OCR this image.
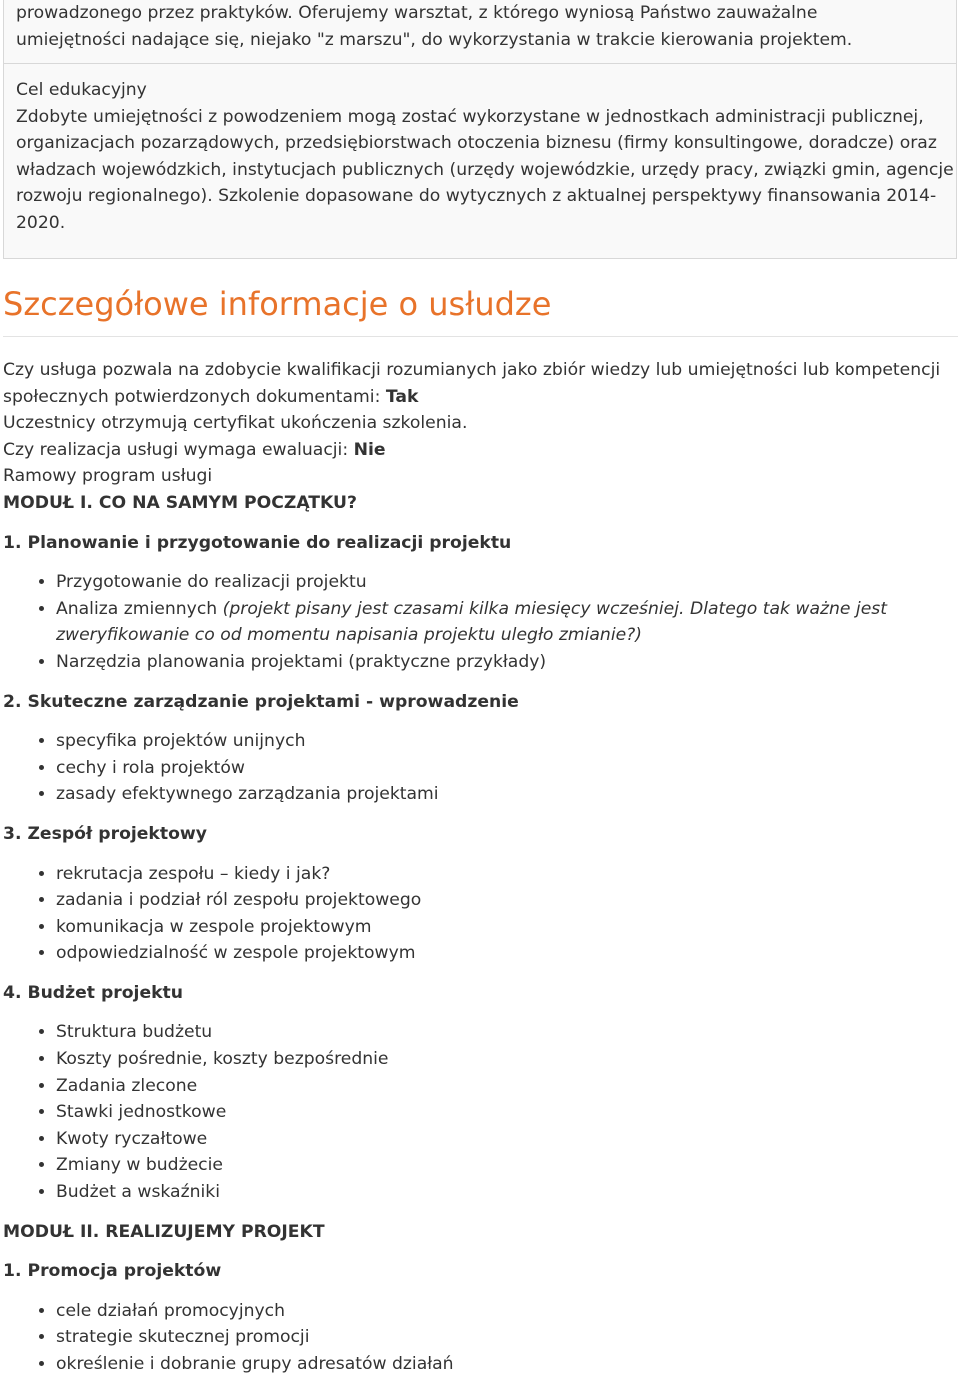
prowadzonego przez praktyków. Oferujemy warsztat, z którego wyniosą Państwo zauważalne
umiejętności nadające się, niejako "z marszu", do wykorzystania w trakcie kierowania projektem.

Cel edukacyjny

Zdobyte umiejętności z powodzeniem mogą zostać wykorzystane w jednostkach administracji publicznej, organizacjach pozarządowych, przedsiębiorstwach otoczenia biznesu (firmy konsultingowe, doradcze) oraz władzach wojewódzkich, instytucjach publicznych (urzędy wojewódzkie, urzędy pracy, związki gmin, agencje rozwoju regionalnego). Szkolenie dopasowane do wytycznych z aktualnej perspektywy finansowania 2014-2020.

Szczegółowe informacje o usłudze

Czy usługa pozwala na zdobycie kwalifikacji rozumianych jako zbiór wiedzy lub umiejętności lub kompetencji społecznych potwierdzonych dokumentami: Tak

Uczestnicy otrzymują certyfikat ukończenia szkolenia.

Czy realizacja usługi wymaga ewaluacji: Nie

Ramowy program usługi

MODUŁ I. CO NA SAMYM POCZĄTKU?

1. Planowanie i przygotowanie do realizacji projektu

• Przygotowanie do realizacji projektu
• Analiza zmiennych (projekt pisany jest czasami kilka miesięcy wcześniej. Dlatego tak ważne jest zweryfikowanie co od momentu napisania projektu uległo zmianie?)
• Narzędzia planowania projektami (praktyczne przykłady)

2. Skuteczne zarządzanie projektami - wprowadzenie

• specyfika projektów unijnych
• cechy i rola projektów
• zasady efektywnego zarządzania projektami

3. Zespół projektowy

• rekrutacja zespołu – kiedy i jak?
• zadania i podział ról zespołu projektowego
• komunikacja w zespole projektowym
• odpowiedzialność w zespole projektowym

4. Budżet projektu

• Struktura budżetu
• Koszty pośrednie, koszty bezpośrednie
• Zadania zlecone
• Stawki jednostkowe
• Kwoty ryczałtowe
• Zmiany w budżecie
• Budżet a wskaźniki

MODUŁ II. REALIZUJEMY PROJEKT

1. Promocja projektów

• cele działań promocyjnych
• strategie skutecznej promocji
• określenie i dobranie grupy adresatów działań
